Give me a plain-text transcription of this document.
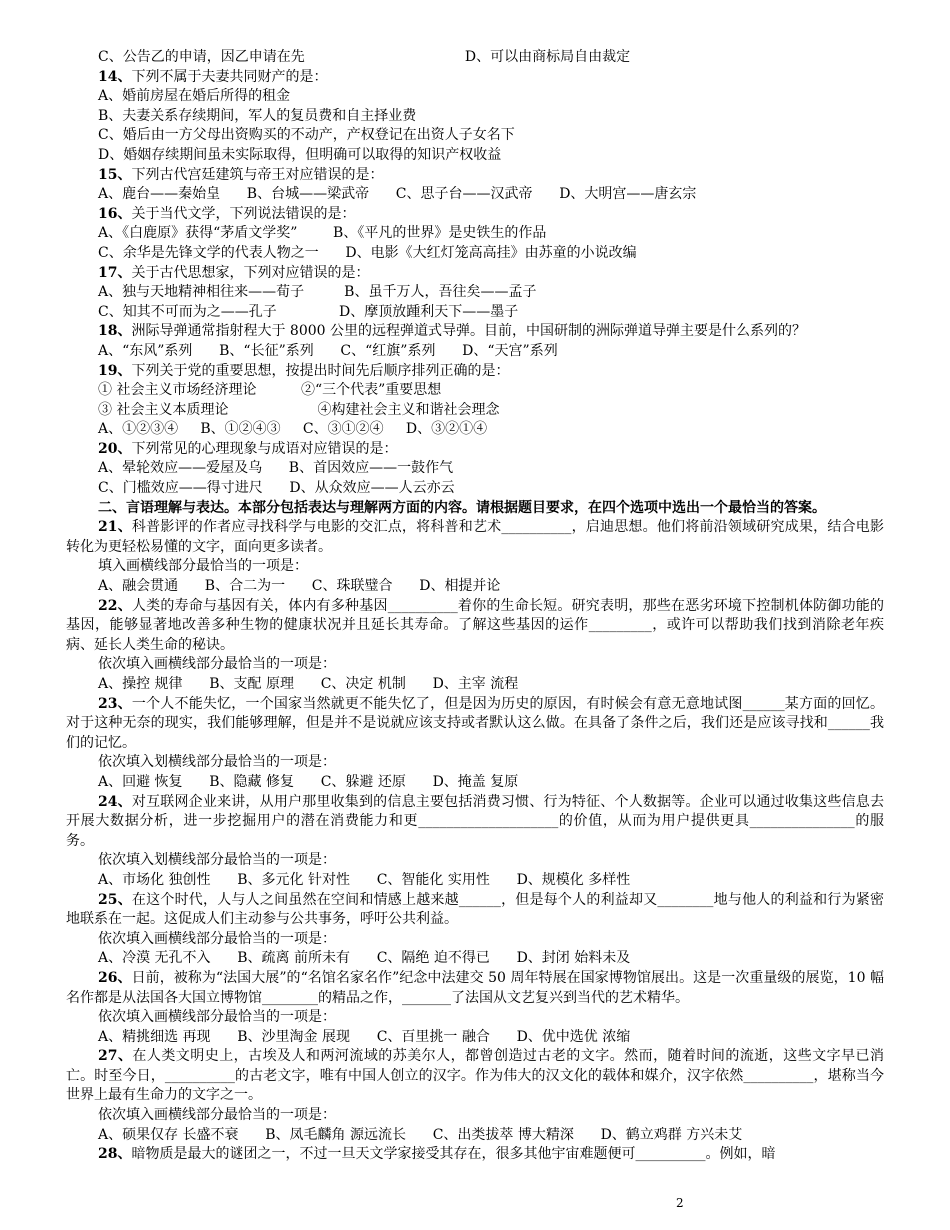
C、公告乙的申请，因乙申请在先                                    D、可以由商标局自由裁定
14、下列不属于夫妻共同财产的是：
A、婚前房屋在婚后所得的租金
B、夫妻关系存续期间，军人的复员费和自主择业费
C、婚后由一方父母出资购买的不动产，产权登记在出资人子女名下
D、婚姻存续期间虽未实际取得，但明确可以取得的知识产权收益
15、下列古代宫廷建筑与帝王对应错误的是：
A、鹿台——秦始皇      B、台城——梁武帝      C、思子台——汉武帝      D、大明宫——唐玄宗
16、关于当代文学，下列说法错误的是：
A、《白鹿原》获得“茅盾文学奖”        B、《平凡的世界》是史铁生的作品
C、余华是先锋文学的代表人物之一      D、电影《大红灯笼高高挂》由苏童的小说改编
17、关于古代思想家，下列对应错误的是：
A、独与天地精神相往来——荀子         B、虽千万人，吾往矣——孟子
C、知其不可而为之——孔子              D、摩顶放踵利天下——墨子
18、洲际导弹通常指射程大于 8000 公里的远程弹道式导弹。目前，中国研制的洲际弹道导弹主要是什么系列的？
A、“东风”系列      B、“长征”系列      C、“红旗”系列      D、“天宫”系列
19、下列关于党的重要思想，按提出时间先后顺序排列正确的是：
① 社会主义市场经济理论          ②“三个代表”重要思想
③ 社会主义本质理论                    ④构建社会主义和谐社会理念
A、①②③④     B、①②④③     C、③①②④     D、③②①④
20、下列常见的心理现象与成语对应错误的是：
A、晕轮效应——爱屋及乌      B、首因效应——一鼓作气
C、门槛效应——得寸进尺      D、从众效应——人云亦云
二、言语理解与表达。本部分包括表达与理解两方面的内容。请根据题目要求，在四个选项中选出一个最恰当的答案。
21、科普影评的作者应寻找科学与电影的交汇点，将科普和艺术__________，启迪思想。他们将前沿领域研究成果，结合电影转化为更轻松易懂的文字，面向更多读者。
填入画横线部分最恰当的一项是：
A、融会贯通      B、合二为一      C、珠联璧合      D、相提并论
22、人类的寿命与基因有关，体内有多种基因__________着你的生命长短。研究表明，那些在恶劣环境下控制机体防御功能的基因，能够显著地改善多种生物的健康状况并且延长其寿命。了解这些基因的运作_________，或许可以帮助我们找到消除老年疾病、延长人类生命的秘诀。
依次填入画横线部分最恰当的一项是：
A、操控 规律      B、支配 原理      C、决定 机制      D、主宰 流程
23、一个人不能失忆，一个国家当然就更不能失忆了，但是因为历史的原因，有时候会有意无意地试图______某方面的回忆。对于这种无奈的现实，我们能够理解，但是并不是说就应该支持或者默认这么做。在具备了条件之后，我们还是应该寻找和______我们的记忆。
依次填入划横线部分最恰当的一项是：
A、回避 恢复      B、隐藏 修复      C、躲避 还原      D、掩盖 复原
24、对互联网企业来讲，从用户那里收集到的信息主要包括消费习惯、行为特征、个人数据等。企业可以通过收集这些信息去开展大数据分析，进一步挖掘用户的潜在消费能力和更____________________的价值，从而为用户提供更具_______________的服务。
依次填入划横线部分最恰当的一项是：
A、市场化 独创性      B、多元化 针对性      C、智能化 实用性      D、规模化 多样性
25、在这个时代，人与人之间虽然在空间和情感上越来越______，但是每个人的利益却又________地与他人的利益和行为紧密地联系在一起。这促成人们主动参与公共事务，呼吁公共利益。
依次填入画横线部分最恰当的一项是：
A、冷漠 无孔不入      B、疏离 前所未有      C、隔绝 迫不得已      D、封闭 始料未及
26、日前，被称为“法国大展”的“名馆名家名作”纪念中法建交 50 周年特展在国家博物馆展出。这是一次重量级的展览，10 幅名作都是从法国各大国立博物馆________的精品之作，_______了法国从文艺复兴到当代的艺术精华。
依次填入画横线部分最恰当的一项是：
A、精挑细选 再现      B、沙里淘金 展现      C、百里挑一 融合      D、优中选优 浓缩
27、在人类文明史上，古埃及人和两河流域的苏美尔人，都曾创造过古老的文字。然而，随着时间的流逝，这些文字早已消亡。时至今日，__________的古老文字，唯有中国人创立的汉字。作为伟大的汉文化的载体和媒介，汉字依然__________，堪称当今世界上最有生命力的文字之一。
依次填入画横线部分最恰当的一项是：
A、硕果仅存 长盛不衰      B、凤毛麟角 源远流长      C、出类拔萃 博大精深      D、鹤立鸡群 方兴未艾
28、暗物质是最大的谜团之一，不过一旦天文学家接受其存在，很多其他宇宙难题便可__________。例如，暗
2
